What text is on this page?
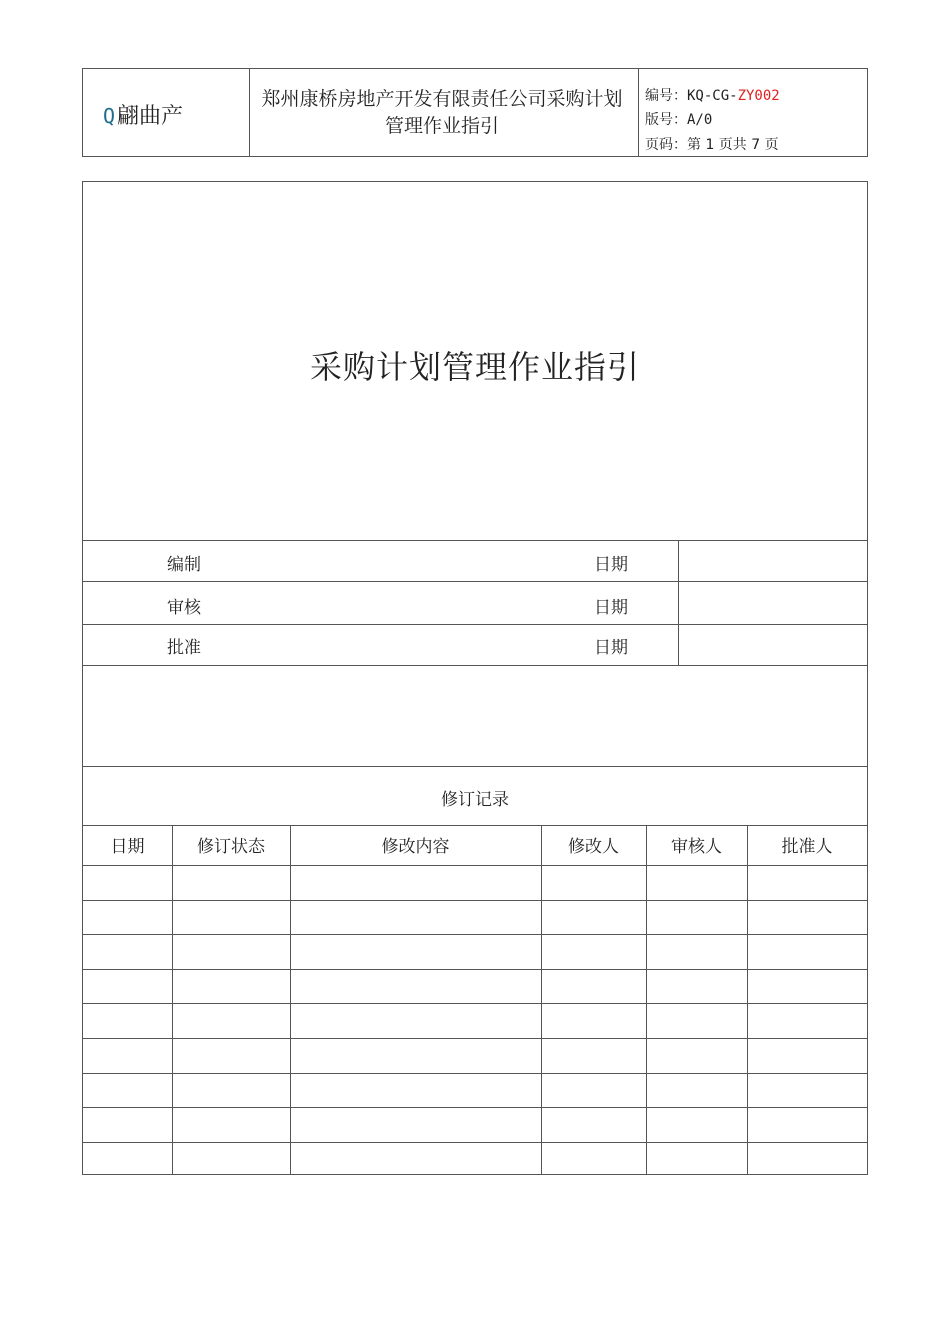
Q翩曲产
郑州康桥房地产开发有限责任公司采购计划管理作业指引
编号：KQ-CG-ZY002
版号：A/0
页码：第 1 页共 7 页
采购计划管理作业指引
编制	日期
审核	日期
批准	日期
修订记录
日期	修订状态	修改内容	修改人	审核人	批准人
